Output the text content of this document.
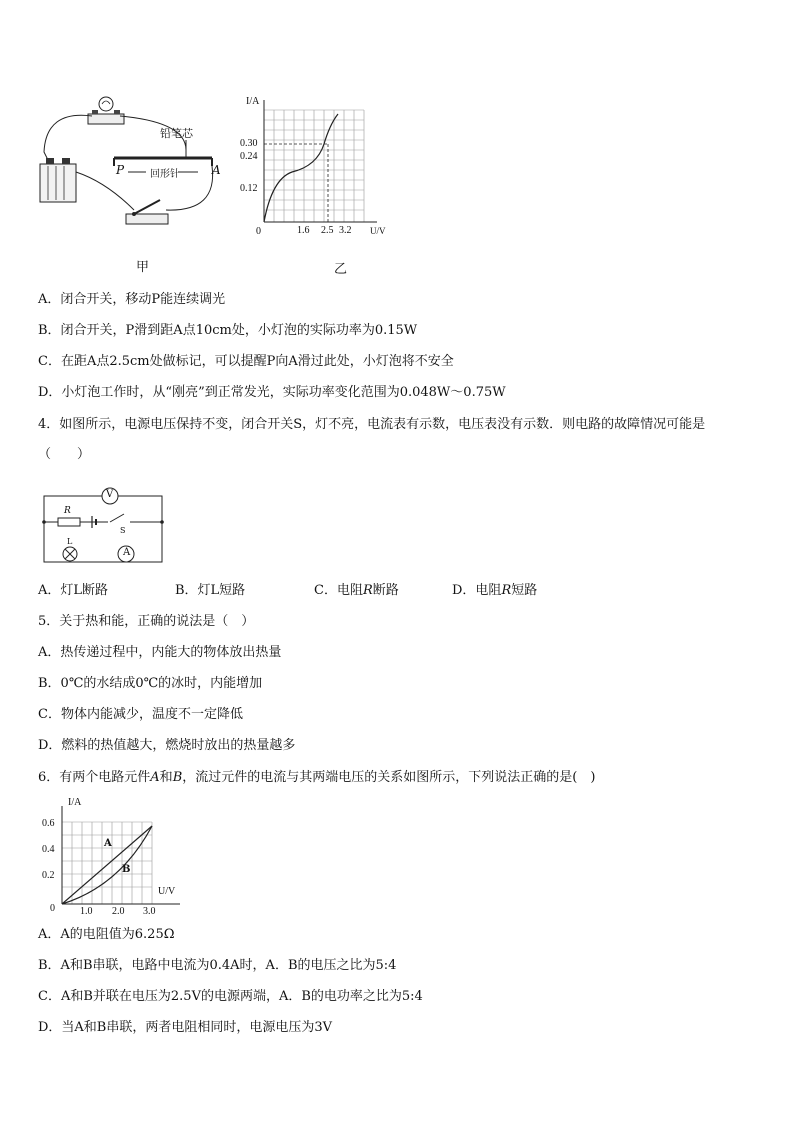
铅笔芯
P	回形针	A
甲
I/A
U/V
0.30
0.24
0.12
0	1.6 2.5 3.2
乙
A．闭合开关，移动P能连续调光
B．闭合开关，P滑到距A点10cm处，小灯泡的实际功率为0.15W
C．在距A点2.5cm处做标记，可以提醒P向A滑过此处，小灯泡将不安全
D．小灯泡工作时，从“刚亮”到正常发光，实际功率变化范围为0.048W～0.75W
4．如图所示，电源电压保持不变，闭合开关S，灯不亮，电流表有示数，电压表没有示数．则电路的故障情况可能是
（　　）
V
R
S
L
A
A．灯L断路	B．灯L短路	C．电阻R断路	D．电阻R短路
5．关于热和能，正确的说法是（　）
A．热传递过程中，内能大的物体放出热量
B．0℃的水结成0℃的冰时，内能增加
C．物体内能减少，温度不一定降低
D．燃料的热值越大，燃烧时放出的热量越多
6．有两个电路元件A和B，流过元件的电流与其两端电压的关系如图所示，下列说法正确的是(　)
I/A
0.6
0.4
0.2
A
B
U/V
0	1.0 2.0 3.0
A．A的电阻值为6.25Ω
B．A和B串联，电路中电流为0.4A时，A．B的电压之比为5:4
C．A和B并联在电压为2.5V的电源两端，A．B的电功率之比为5:4
D．当A和B串联，两者电阻相同时，电源电压为3V
